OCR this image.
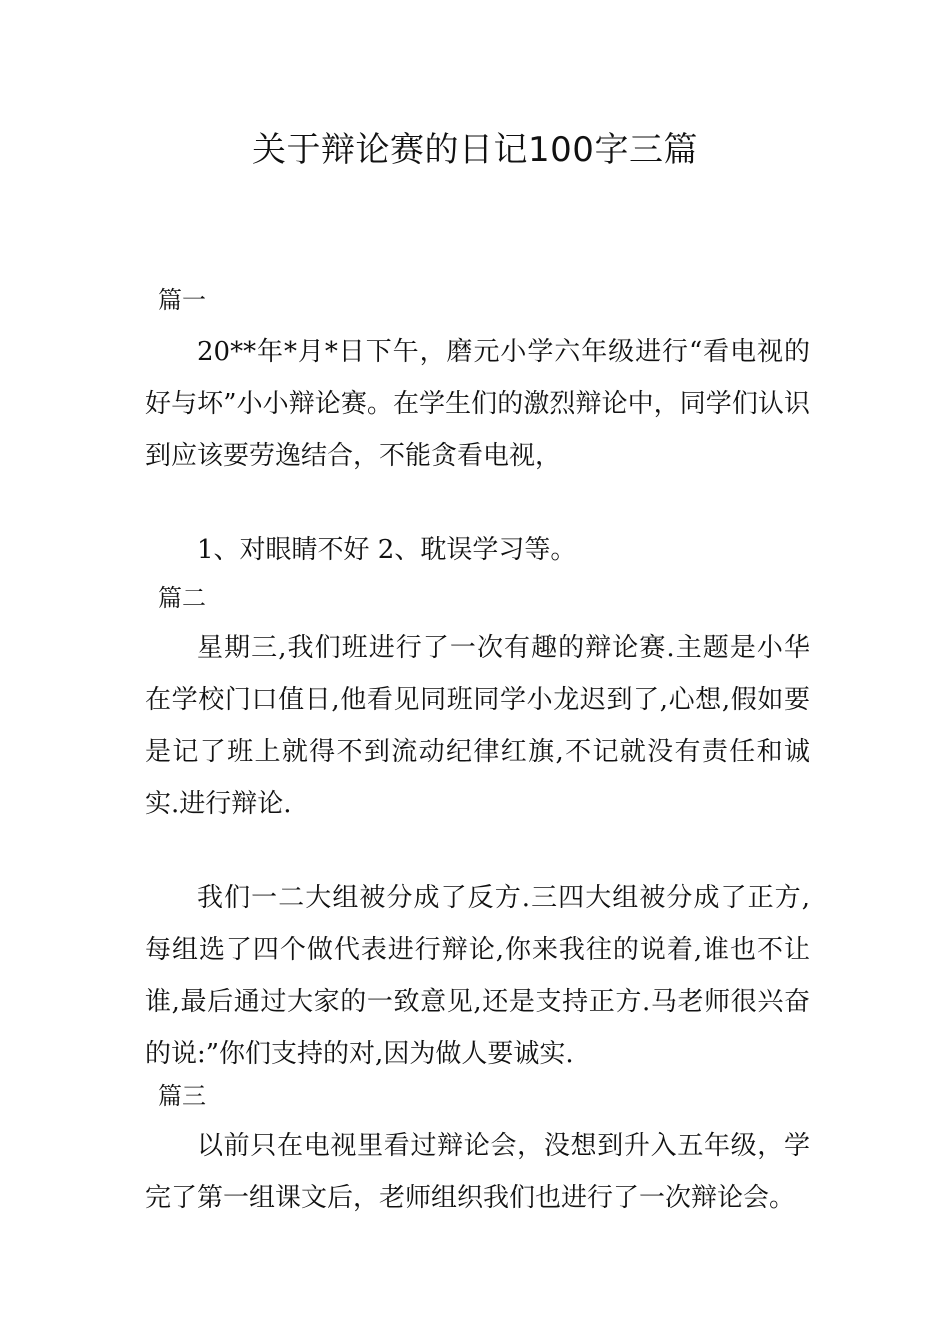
关于辩论赛的日记100字三篇
篇一
20**年*月*日下午，磨元小学六年级进行“看电视的好与坏”小小辩论赛。在学生们的激烈辩论中，同学们认识到应该要劳逸结合，不能贪看电视，
1、对眼睛不好 2、耽误学习等。
篇二
星期三,我们班进行了一次有趣的辩论赛.主题是小华在学校门口值日,他看见同班同学小龙迟到了,心想,假如要是记了班上就得不到流动纪律红旗,不记就没有责任和诚实.进行辩论.
我们一二大组被分成了反方.三四大组被分成了正方,每组选了四个做代表进行辩论,你来我往的说着,谁也不让谁,最后通过大家的一致意见,还是支持正方.马老师很兴奋的说:”你们支持的对,因为做人要诚实.
篇三
以前只在电视里看过辩论会，没想到升入五年级，学完了第一组课文后，老师组织我们也进行了一次辩论会。
